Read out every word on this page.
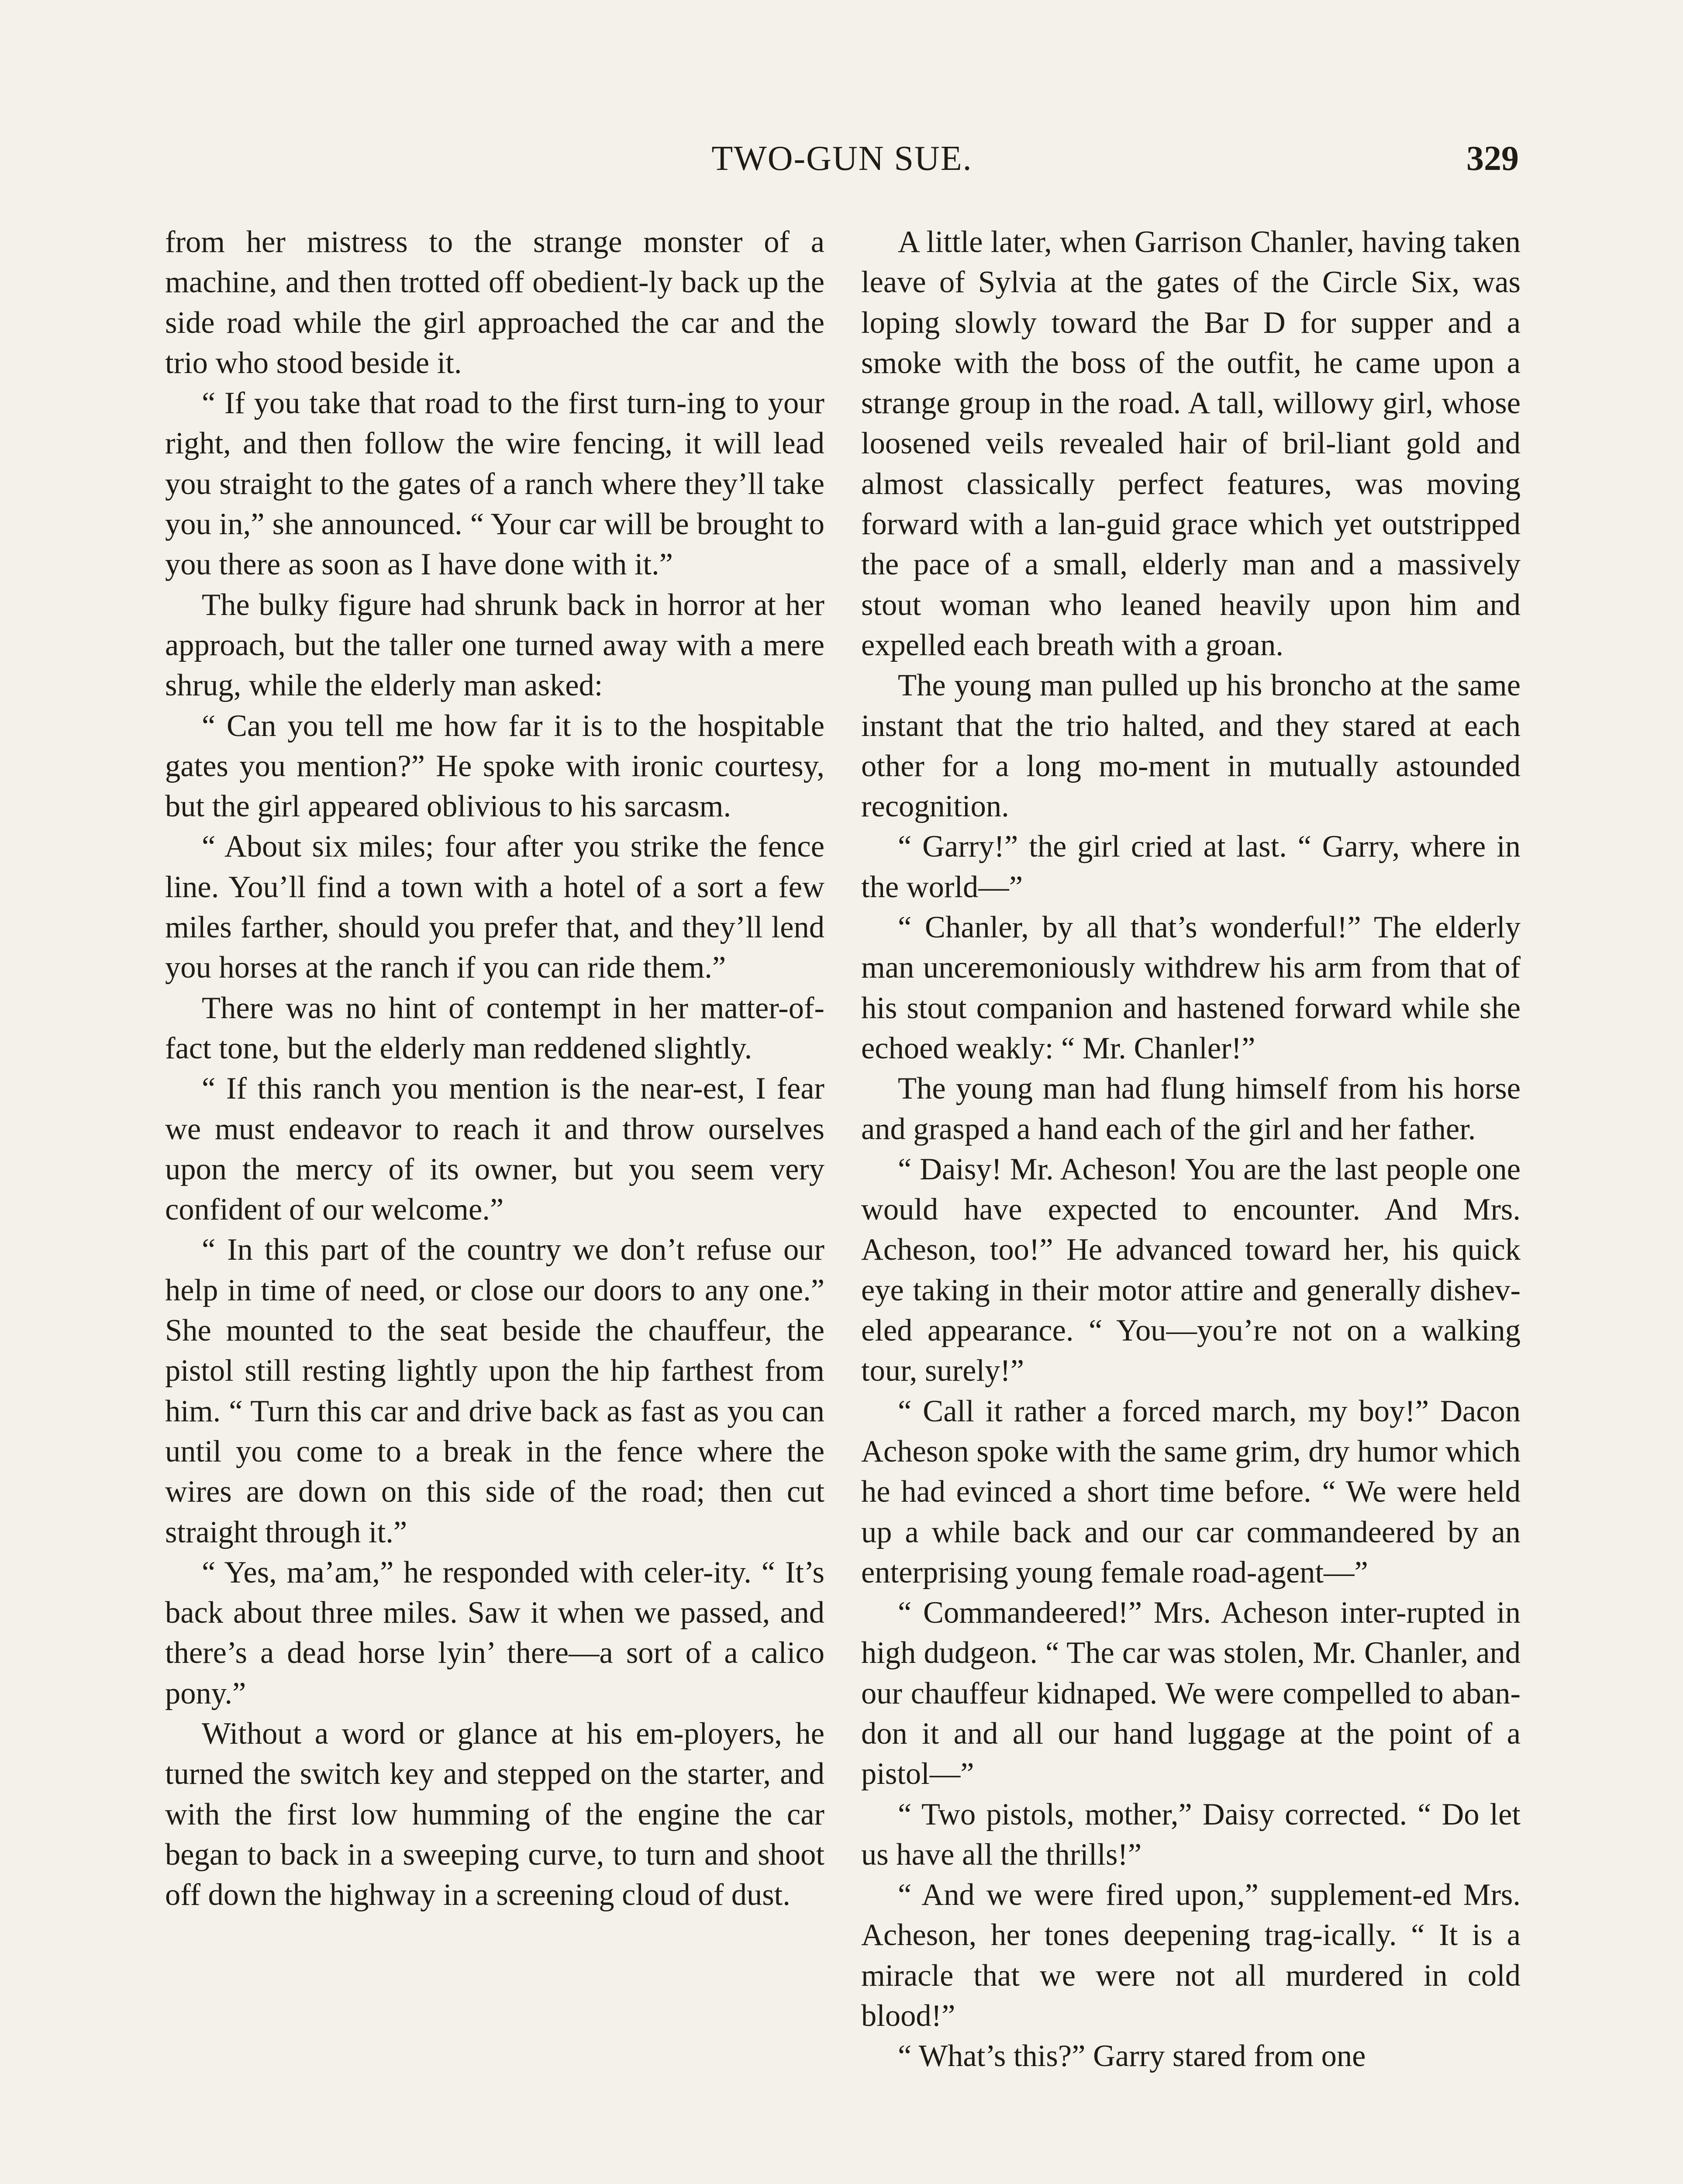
TWO-GUN SUE.	329

from her mistress to the strange monster of a machine, and then trotted off obedient-ly back up the side road while the girl approached the car and the trio who stood beside it.

“ If you take that road to the first turn-ing to your right, and then follow the wire fencing, it will lead you straight to the gates of a ranch where they’ll take you in,” she announced. “ Your car will be brought to you there as soon as I have done with it.”

The bulky figure had shrunk back in horror at her approach, but the taller one turned away with a mere shrug, while the elderly man asked:

“ Can you tell me how far it is to the hospitable gates you mention?” He spoke with ironic courtesy, but the girl appeared oblivious to his sarcasm.

“ About six miles; four after you strike the fence line. You’ll find a town with a hotel of a sort a few miles farther, should you prefer that, and they’ll lend you horses at the ranch if you can ride them.”

There was no hint of contempt in her matter-of-fact tone, but the elderly man reddened slightly.

“ If this ranch you mention is the near-est, I fear we must endeavor to reach it and throw ourselves upon the mercy of its owner, but you seem very confident of our welcome.”

“ In this part of the country we don’t refuse our help in time of need, or close our doors to any one.” She mounted to the seat beside the chauffeur, the pistol still resting lightly upon the hip farthest from him. “ Turn this car and drive back as fast as you can until you come to a break in the fence where the wires are down on this side of the road; then cut straight through it.”

“ Yes, ma’am,” he responded with celer-ity. “ It’s back about three miles. Saw it when we passed, and there’s a dead horse lyin’ there—a sort of a calico pony.”

Without a word or glance at his em-ployers, he turned the switch key and stepped on the starter, and with the first low humming of the engine the car began to back in a sweeping curve, to turn and shoot off down the highway in a screening cloud of dust.

A little later, when Garrison Chanler, having taken leave of Sylvia at the gates of the Circle Six, was loping slowly toward the Bar D for supper and a smoke with the boss of the outfit, he came upon a strange group in the road. A tall, willowy girl, whose loosened veils revealed hair of bril-liant gold and almost classically perfect features, was moving forward with a lan-guid grace which yet outstripped the pace of a small, elderly man and a massively stout woman who leaned heavily upon him and expelled each breath with a groan.

The young man pulled up his broncho at the same instant that the trio halted, and they stared at each other for a long mo-ment in mutually astounded recognition.

“ Garry!” the girl cried at last. “ Garry, where in the world—”

“ Chanler, by all that’s wonderful!” The elderly man unceremoniously withdrew his arm from that of his stout companion and hastened forward while she echoed weakly: “ Mr. Chanler!”

The young man had flung himself from his horse and grasped a hand each of the girl and her father.

“ Daisy! Mr. Acheson! You are the last people one would have expected to encounter. And Mrs. Acheson, too!” He advanced toward her, his quick eye taking in their motor attire and generally dishev-eled appearance. “ You—you’re not on a walking tour, surely!”

“ Call it rather a forced march, my boy!” Dacon Acheson spoke with the same grim, dry humor which he had evinced a short time before. “ We were held up a while back and our car commandeered by an enterprising young female road-agent—”

“ Commandeered!” Mrs. Acheson inter-rupted in high dudgeon. “ The car was stolen, Mr. Chanler, and our chauffeur kidnaped. We were compelled to aban-don it and all our hand luggage at the point of a pistol—”

“ Two pistols, mother,” Daisy corrected. “ Do let us have all the thrills!”

“ And we were fired upon,” supplement-ed Mrs. Acheson, her tones deepening trag-ically. “ It is a miracle that we were not all murdered in cold blood!”

“ What’s this?” Garry stared from one
